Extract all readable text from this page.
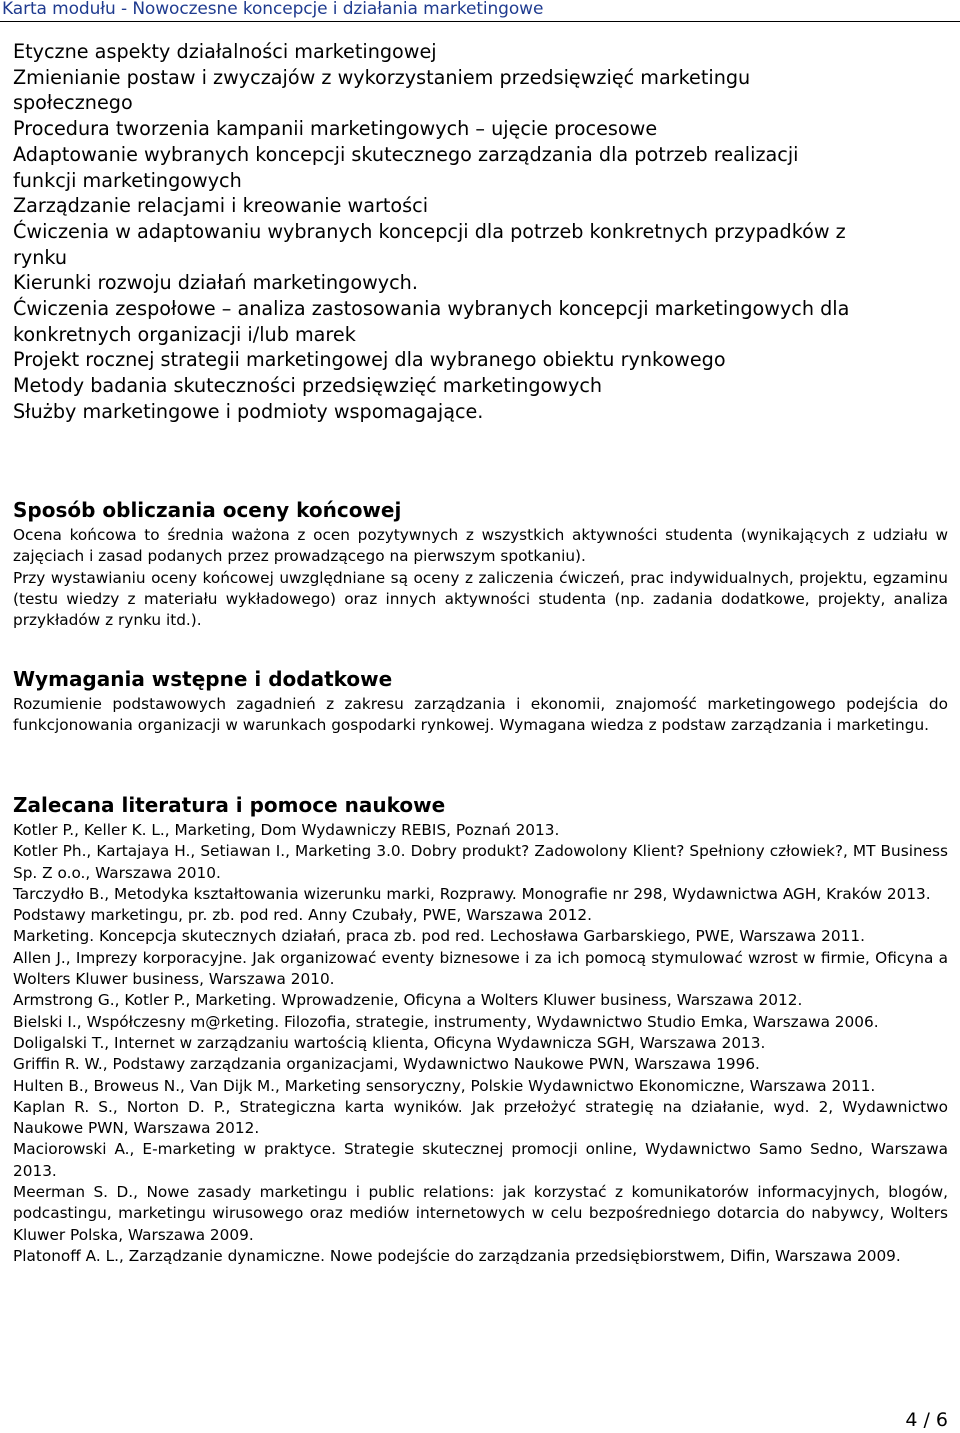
Karta modułu - Nowoczesne koncepcje i działania marketingowe
Etyczne aspekty działalności marketingowej
Zmienianie postaw i zwyczajów z wykorzystaniem przedsięwzięć marketingu
społecznego
Procedura tworzenia kampanii marketingowych – ujęcie procesowe
Adaptowanie wybranych koncepcji skutecznego zarządzania dla potrzeb realizacji
funkcji marketingowych
Zarządzanie relacjami i kreowanie wartości
Ćwiczenia w adaptowaniu wybranych koncepcji dla potrzeb konkretnych przypadków z
rynku
Kierunki rozwoju działań marketingowych.
Ćwiczenia zespołowe – analiza zastosowania wybranych koncepcji marketingowych dla
konkretnych organizacji i/lub marek
Projekt rocznej strategii marketingowej dla wybranego obiektu rynkowego
Metody badania skuteczności przedsięwzięć marketingowych
Służby marketingowe i podmioty wspomagające.
Sposób obliczania oceny końcowej
Ocena końcowa to średnia ważona z ocen pozytywnych z wszystkich aktywności studenta (wynikających z udziału w zajęciach i zasad podanych przez prowadzącego na pierwszym spotkaniu).
Przy wystawianiu oceny końcowej uwzględniane są oceny z zaliczenia ćwiczeń, prac indywidualnych, projektu, egzaminu (testu wiedzy z materiału wykładowego) oraz innych aktywności studenta (np. zadania dodatkowe, projekty, analiza przykładów z rynku itd.).
Wymagania wstępne i dodatkowe
Rozumienie podstawowych zagadnień z zakresu zarządzania i ekonomii, znajomość marketingowego podejścia do funkcjonowania organizacji w warunkach gospodarki rynkowej. Wymagana wiedza z podstaw zarządzania i marketingu.
Zalecana literatura i pomoce naukowe
Kotler P., Keller K. L., Marketing, Dom Wydawniczy REBIS, Poznań 2013.
Kotler Ph., Kartajaya H., Setiawan I., Marketing 3.0. Dobry produkt? Zadowolony Klient? Spełniony człowiek?, MT Business Sp. Z o.o., Warszawa 2010.
Tarczydło B., Metodyka kształtowania wizerunku marki, Rozprawy. Monografie nr 298, Wydawnictwa AGH, Kraków 2013.
Podstawy marketingu, pr. zb. pod red. Anny Czubały, PWE, Warszawa 2012.
Marketing. Koncepcja skutecznych działań, praca zb. pod red. Lechosława Garbarskiego, PWE, Warszawa 2011.
Allen J., Imprezy korporacyjne. Jak organizować eventy biznesowe i za ich pomocą stymulować wzrost w firmie, Oficyna a Wolters Kluwer business, Warszawa 2010.
Armstrong G., Kotler P., Marketing. Wprowadzenie, Oficyna a Wolters Kluwer business, Warszawa 2012.
Bielski I., Współczesny m@rketing. Filozofia, strategie, instrumenty, Wydawnictwo Studio Emka, Warszawa 2006.
Doligalski T., Internet w zarządzaniu wartością klienta, Oficyna Wydawnicza SGH, Warszawa 2013.
Griffin R. W., Podstawy zarządzania organizacjami, Wydawnictwo Naukowe PWN, Warszawa 1996.
Hulten B., Broweus N., Van Dijk M., Marketing sensoryczny, Polskie Wydawnictwo Ekonomiczne, Warszawa 2011.
Kaplan R. S., Norton D. P., Strategiczna karta wyników. Jak przełożyć strategię na działanie, wyd. 2, Wydawnictwo Naukowe PWN, Warszawa 2012.
Maciorowski A., E-marketing w praktyce. Strategie skutecznej promocji online, Wydawnictwo Samo Sedno, Warszawa 2013.
Meerman S. D., Nowe zasady marketingu i public relations: jak korzystać z komunikatorów informacyjnych, blogów, podcastingu, marketingu wirusowego oraz mediów internetowych w celu bezpośredniego dotarcia do nabywcy, Wolters Kluwer Polska, Warszawa 2009.
Platonoff A. L., Zarządzanie dynamiczne. Nowe podejście do zarządzania przedsiębiorstwem, Difin, Warszawa 2009.
4 / 6
